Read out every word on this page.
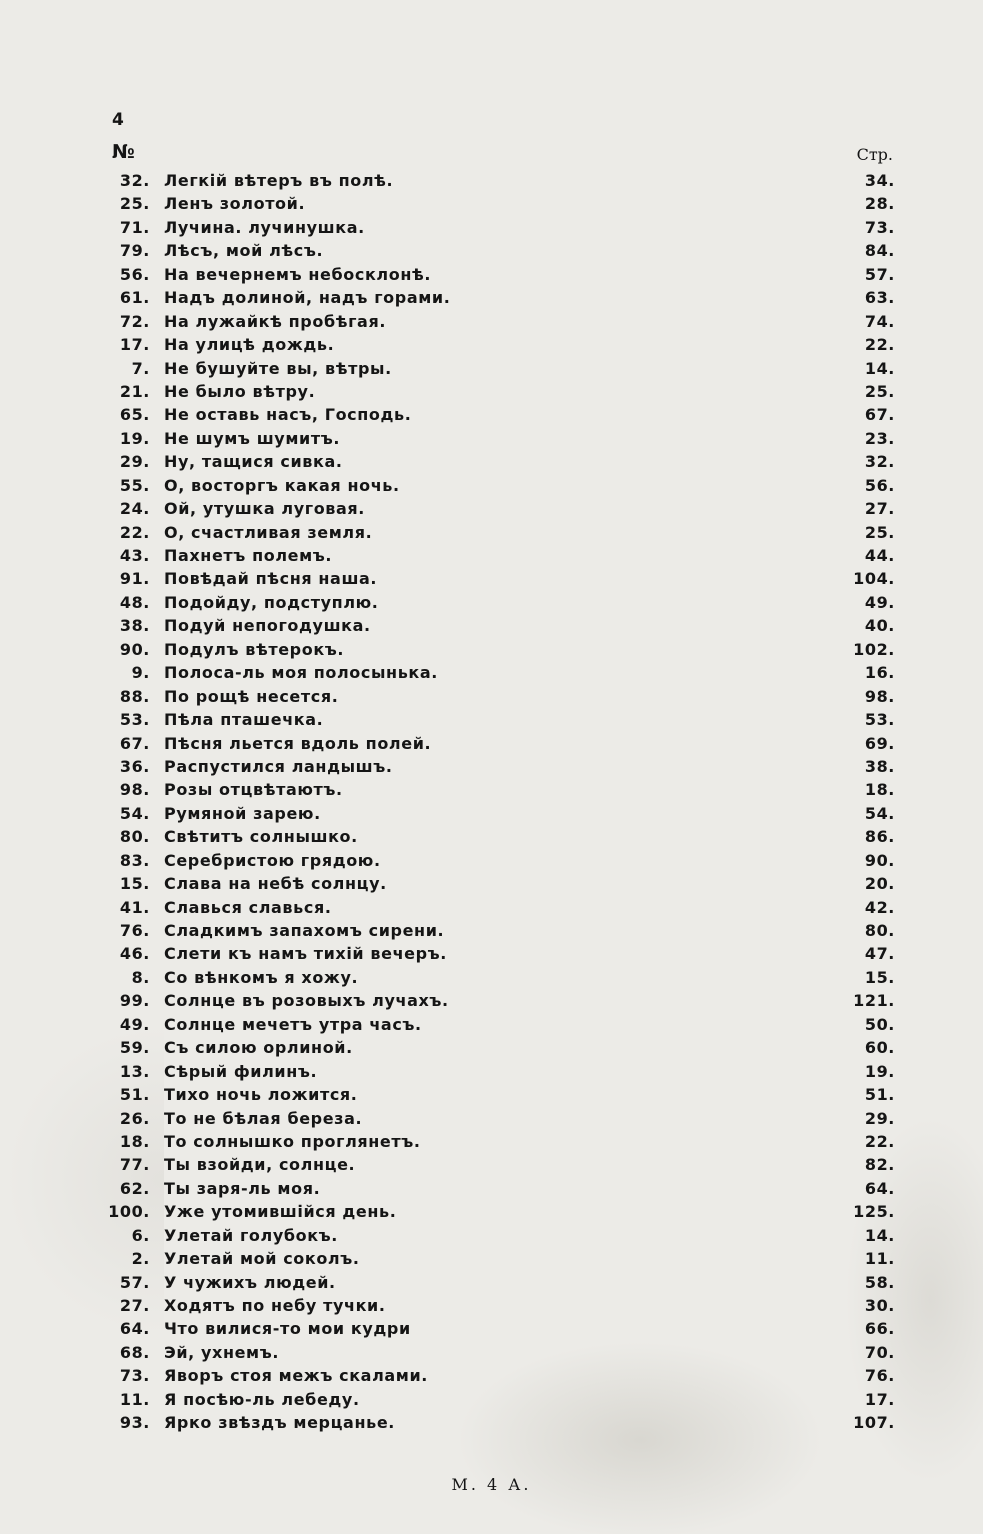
4
№	Стр.
32. Легкій вѣтеръ въ полѣ.	34.
25. Ленъ золотой.	28.
71. Лучина. лучинушка.	73.
79. Лѣсъ, мой лѣсъ.	84.
56. На вечернемъ небосклонѣ.	57.
61. Надъ долиной, надъ горами.	63.
72. На лужайкѣ пробѣгая.	74.
17. На улицѣ дождь.	22.
7. Не бушуйте вы, вѣтры.	14.
21. Не было вѣтру.	25.
65. Не оставь насъ, Господь.	67.
19. Не шумъ шумитъ.	23.
29. Ну, тащися сивка.	32.
55. О, восторгъ какая ночь.	56.
24. Ой, утушка луговая.	27.
22. О, счастливая земля.	25.
43. Пахнетъ полемъ.	44.
91. Повѣдай пѣсня наша.	104.
48. Подойду, подступлю.	49.
38. Подуй непогодушка.	40.
90. Подулъ вѣтерокъ.	102.
9. Полоса-ль моя полосынька.	16.
88. По рощѣ несется.	98.
53. Пѣла пташечка.	53.
67. Пѣсня льется вдоль полей.	69.
36. Распустился ландышъ.	38.
98. Розы отцвѣтаютъ.	18.
54. Румяной зарею.	54.
80. Свѣтитъ солнышко.	86.
83. Серебристою грядою.	90.
15. Слава на небѣ солнцу.	20.
41. Славься славься.	42.
76. Сладкимъ запахомъ сирени.	80.
46. Слети къ намъ тихій вечеръ.	47.
8. Со вѣнкомъ я хожу.	15.
99. Солнце въ розовыхъ лучахъ.	121.
49. Солнце мечетъ утра часъ.	50.
59. Съ силою орлиной.	60.
13. Сѣрый филинъ.	19.
51. Тихо ночь ложится.	51.
26. То не бѣлая береза.	29.
18. То солнышко проглянетъ.	22.
77. Ты взойди, солнце.	82.
62. Ты заря-ль моя.	64.
100. Уже утомившійся день.	125.
6. Улетай голубокъ.	14.
2. Улетай мой соколъ.	11.
57. У чужихъ людей.	58.
27. Ходятъ по небу тучки.	30.
64. Что вилися-то мои кудри	66.
68. Эй, ухнемъ.	70.
73. Яворъ стоя межъ скалами.	76.
11. Я посѣю-ль лебеду.	17.
93. Ярко звѣздъ мерцанье.	107.
М. 4 А.
